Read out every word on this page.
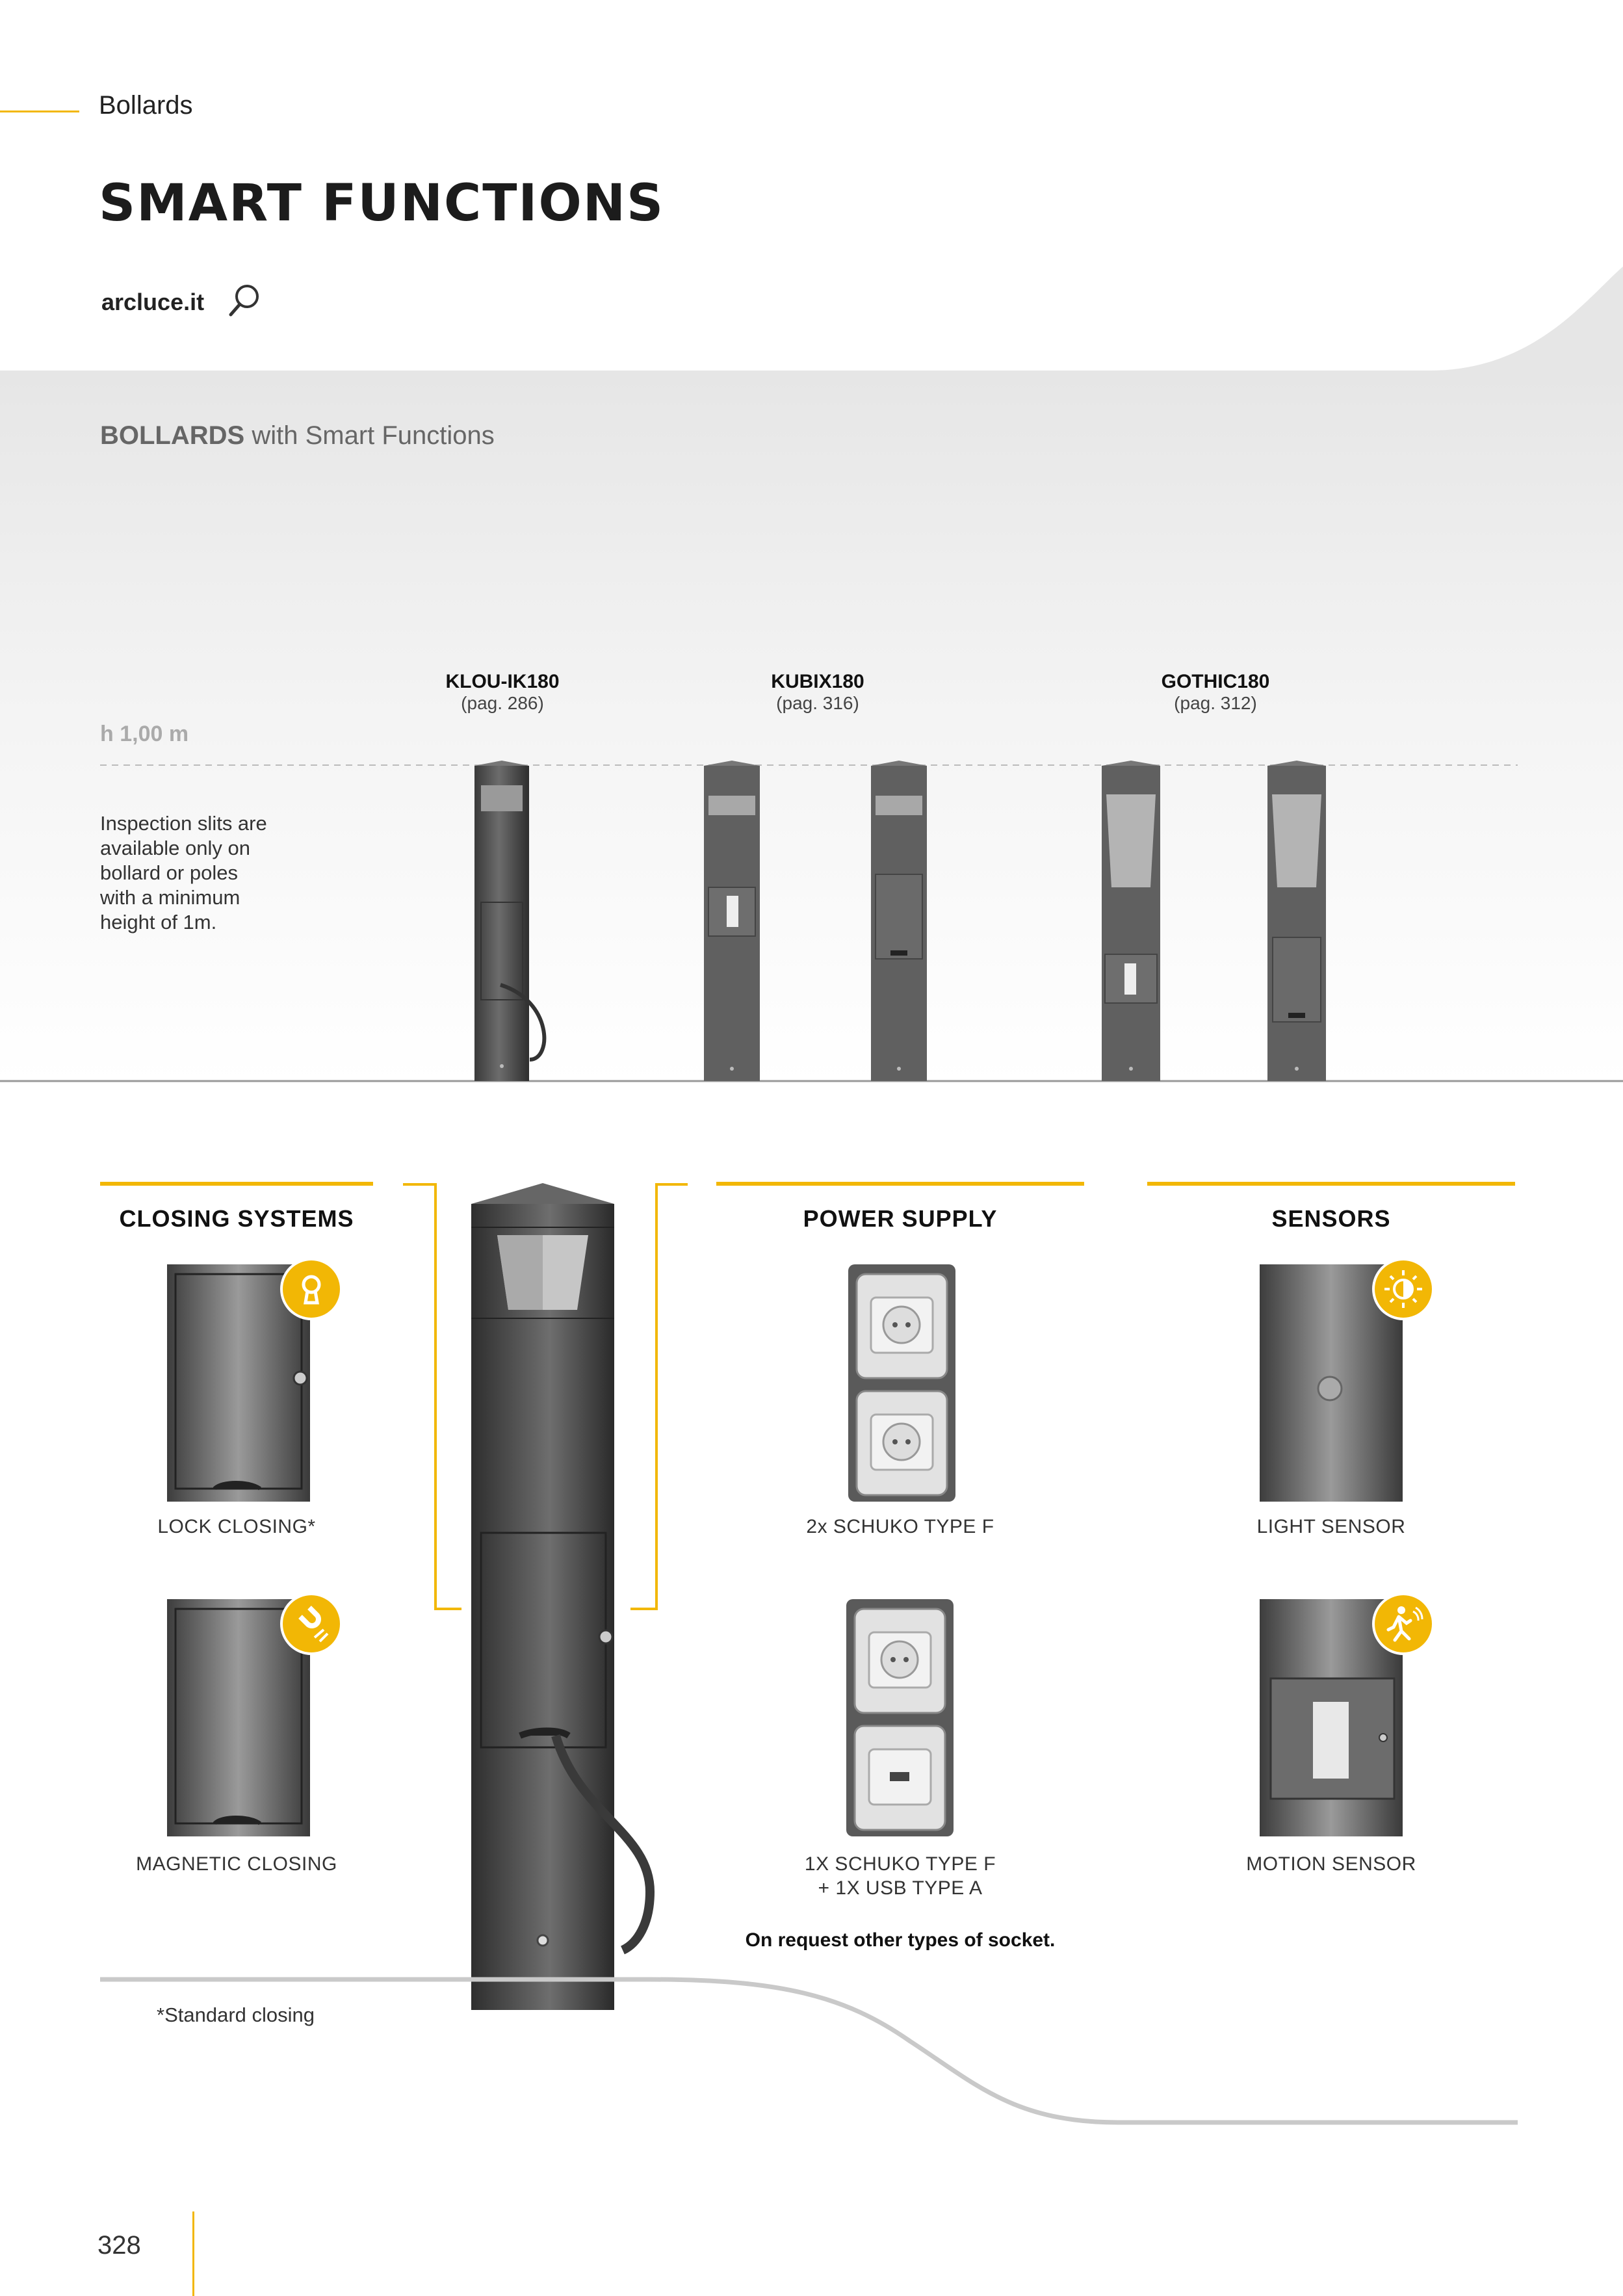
Bollards
SMART FUNCTIONS
arcluce.it
BOLLARDS with Smart Functions
KLOU-IK180
(pag. 286)
KUBIX180
(pag. 316)
GOTHIC180
(pag. 312)
h 1,00 m
Inspection slits are available only on bollard or poles with a minimum height of 1m.
CLOSING SYSTEMS	POWER SUPPLY	SENSORS
LOCK CLOSING*
MAGNETIC CLOSING
2x SCHUKO TYPE F
1X SCHUKO TYPE F
+ 1X USB TYPE A
On request other types of socket.
LIGHT SENSOR
MOTION SENSOR
*Standard closing
328
